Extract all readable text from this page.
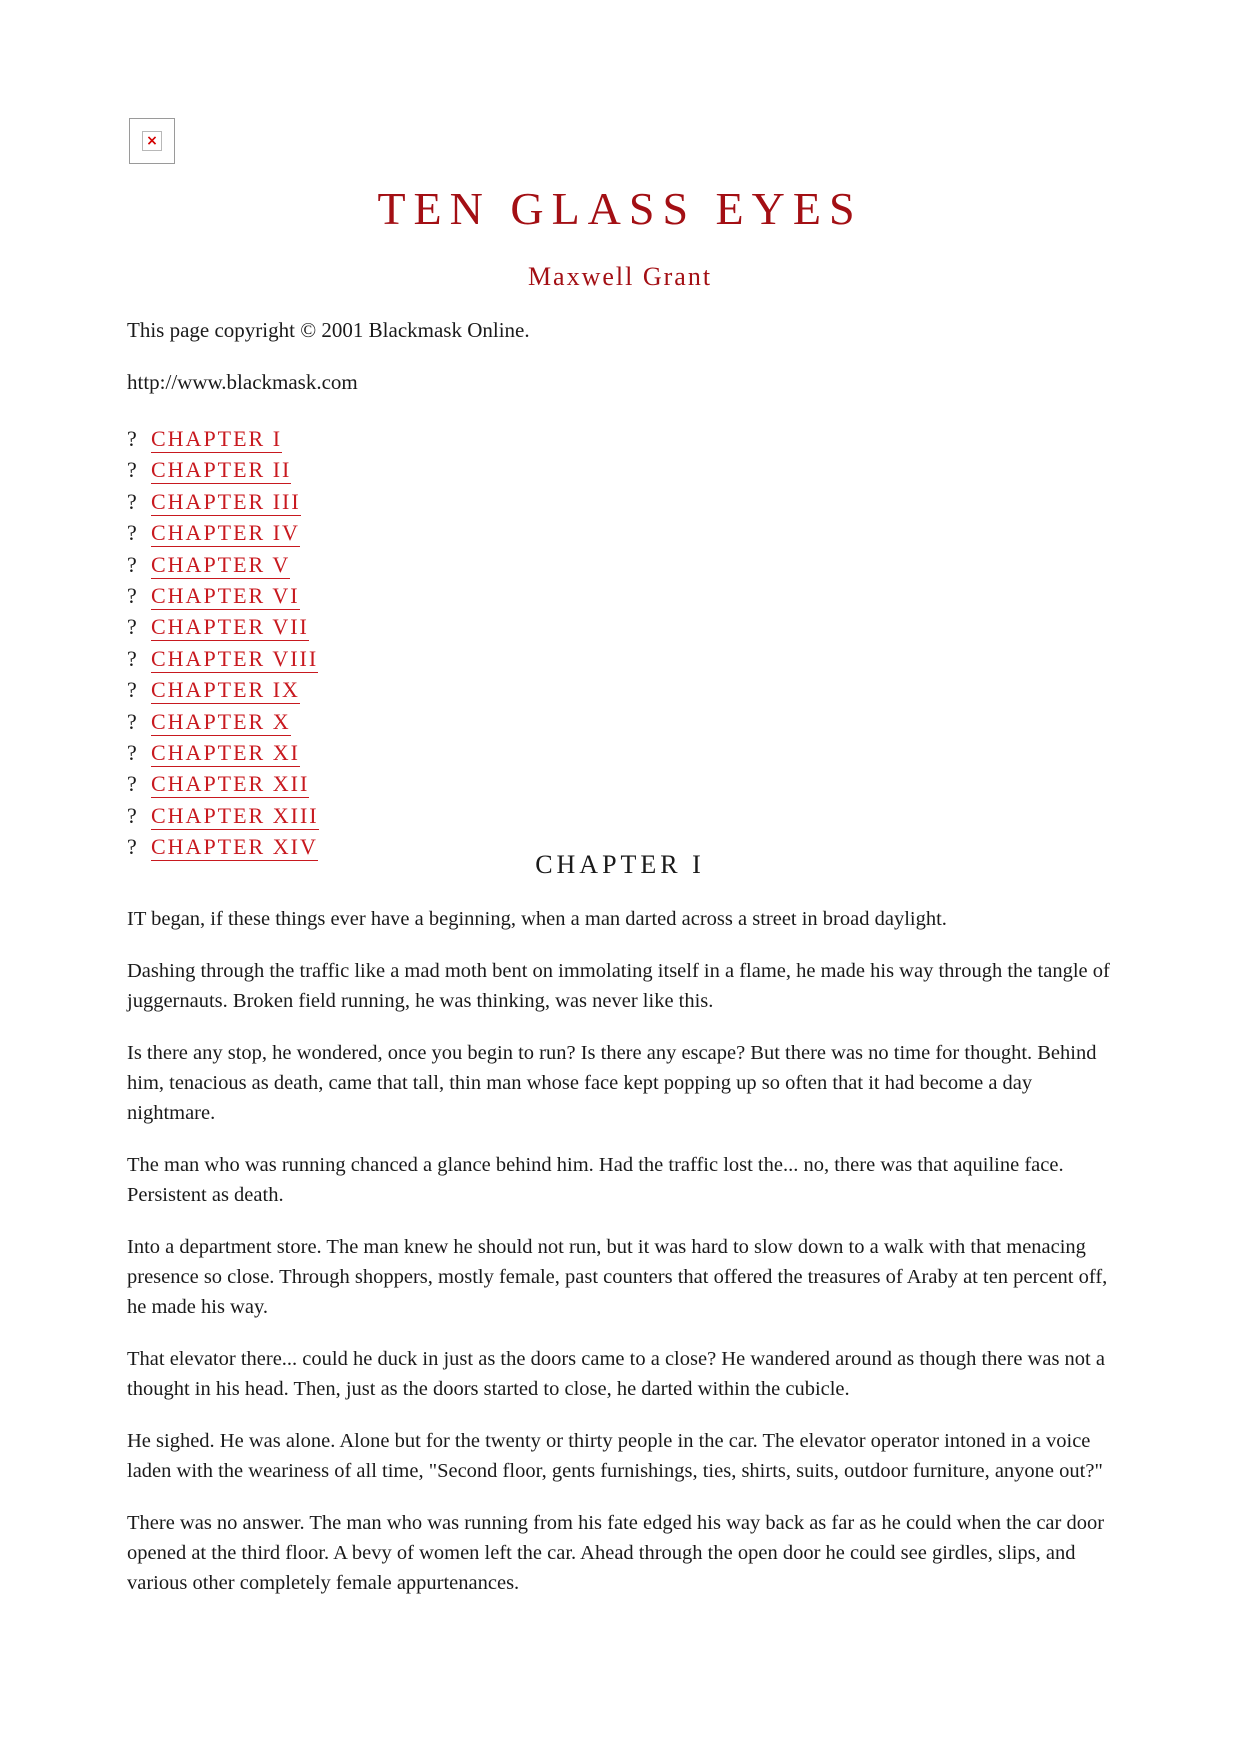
×
TEN GLASS EYES
Maxwell Grant
This page copyright © 2001 Blackmask Online.
http://www.blackmask.com
? CHAPTER I
? CHAPTER II
? CHAPTER III
? CHAPTER IV
? CHAPTER V
? CHAPTER VI
? CHAPTER VII
? CHAPTER VIII
? CHAPTER IX
? CHAPTER X
? CHAPTER XI
? CHAPTER XII
? CHAPTER XIII
? CHAPTER XIV
CHAPTER I

IT began, if these things ever have a beginning, when a man darted across a street in broad daylight.

Dashing through the traffic like a mad moth bent on immolating itself in a flame, he made his way through the tangle of juggernauts. Broken field running, he was thinking, was never like this.

Is there any stop, he wondered, once you begin to run? Is there any escape? But there was no time for thought. Behind him, tenacious as death, came that tall, thin man whose face kept popping up so often that it had become a day nightmare.

The man who was running chanced a glance behind him. Had the traffic lost the... no, there was that aquiline face. Persistent as death.

Into a department store. The man knew he should not run, but it was hard to slow down to a walk with that menacing presence so close. Through shoppers, mostly female, past counters that offered the treasures of Araby at ten percent off, he made his way.

That elevator there... could he duck in just as the doors came to a close? He wandered around as though there was not a thought in his head. Then, just as the doors started to close, he darted within the cubicle.

He sighed. He was alone. Alone but for the twenty or thirty people in the car. The elevator operator intoned in a voice laden with the weariness of all time, "Second floor, gents furnishings, ties, shirts, suits, outdoor furniture, anyone out?"

There was no answer. The man who was running from his fate edged his way back as far as he could when the car door opened at the third floor. A bevy of women left the car. Ahead through the open door he could see girdles, slips, and various other completely female appurtenances.
